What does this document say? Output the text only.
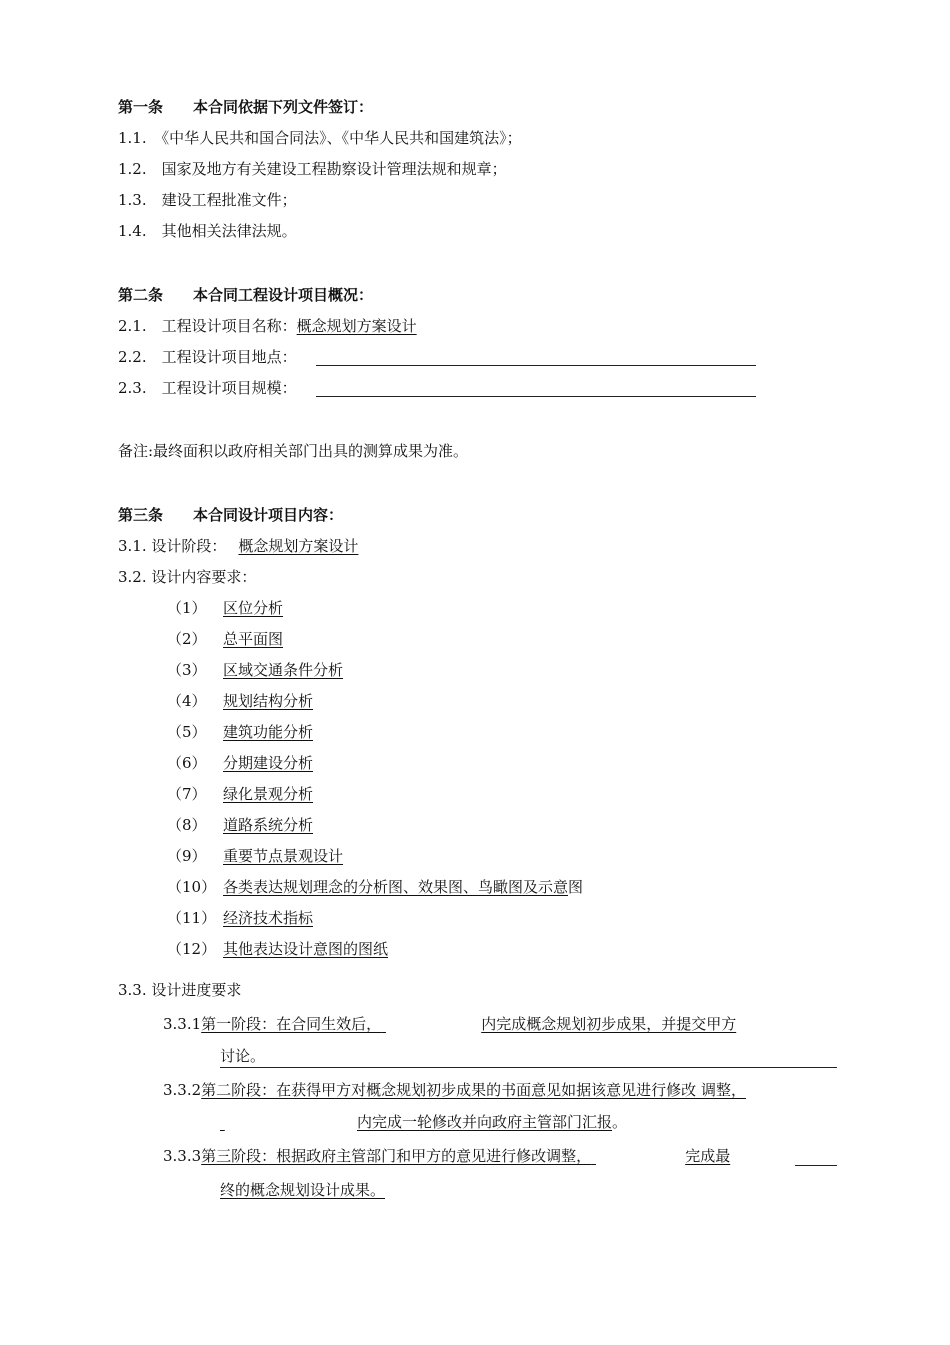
第一条　　本合同依据下列文件签订：
1.1.　《中华人民共和国合同法》、《中华人民共和国建筑法》；
1.2.　国家及地方有关建设工程勘察设计管理法规和规章；
1.3.　建设工程批准文件；
1.4.　其他相关法律法规。
第二条　　本合同工程设计项目概况：
2.1.　工程设计项目名称：概念规划方案设计
2.2.　工程设计项目地点：
2.3.　工程设计项目规模：
备注:最终面积以政府相关部门出具的测算成果为准。
第三条　　本合同设计项目内容：
3.1. 设计阶段： 概念规划方案设计
3.2. 设计内容要求：
（1） 区位分析
（2） 总平面图
（3） 区域交通条件分析
（4） 规划结构分析
（5） 建筑功能分析
（6） 分期建设分析
（7） 绿化景观分析
（8） 道路系统分析
（9） 重要节点景观设计
（10） 各类表达规划理念的分析图、效果图、鸟瞰图及示意图
（11） 经济技术指标
（12） 其他表达设计意图的图纸
3.3. 设计进度要求
3.3.1第一阶段：在合同生效后，	内完成概念规划初步成果，并提交甲方
讨论。
3.3.2第二阶段：在获得甲方对概念规划初步成果的书面意见如据该意见进行修改 调整，
内完成一轮修改并向政府主管部门汇报。
3.3.3第三阶段：根据政府主管部门和甲方的意见进行修改调整，	完成最
终的概念规划设计成果。
